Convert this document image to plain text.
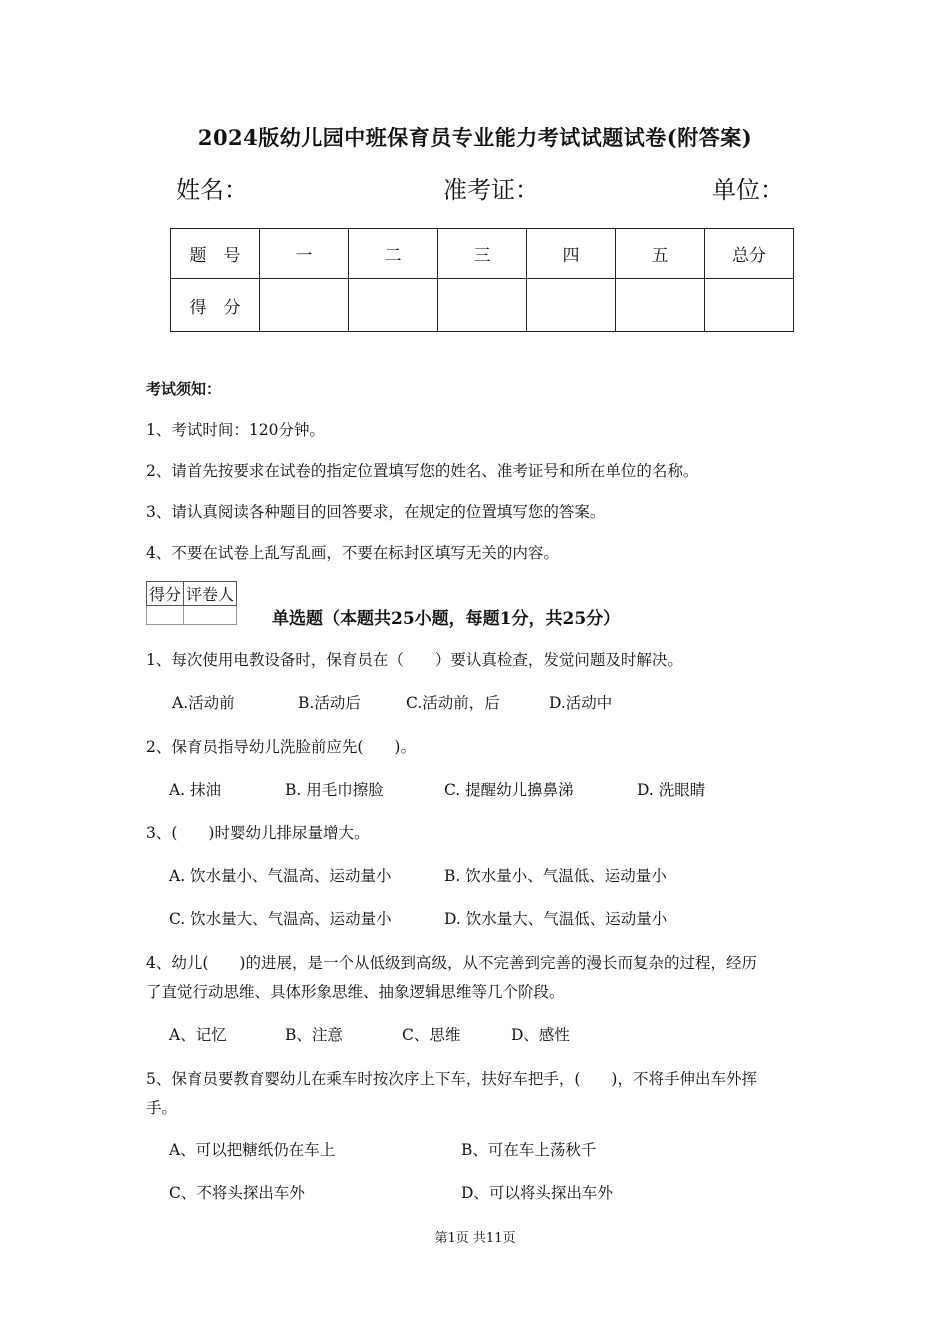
2024版幼儿园中班保育员专业能力考试试题试卷(附答案)
姓名：	准考证：	单位：
题　号	一	二	三	四	五	总分
得　分						
考试须知：
1、考试时间：120分钟。
2、请首先按要求在试卷的指定位置填写您的姓名、准考证号和所在单位的名称。
3、请认真阅读各种题目的回答要求，在规定的位置填写您的答案。
4、不要在试卷上乱写乱画，不要在标封区填写无关的内容。
得分	评卷人

单选题（本题共25小题，每题1分，共25分）
1、每次使用电教设备时，保育员在（　　）要认真检查，发觉问题及时解决。
A.活动前	B.活动后	C.活动前，后	D.活动中
2、保育员指导幼儿洗脸前应先(　　)。
A. 抹油	B. 用毛巾擦脸	C. 提醒幼儿擤鼻涕	D. 洗眼睛
3、(　　)时婴幼儿排尿量增大。
A. 饮水量小、气温高、运动量小	B. 饮水量小、气温低、运动量小
C. 饮水量大、气温高、运动量小	D. 饮水量大、气温低、运动量小
4、幼儿(　　)的进展，是一个从低级到高级，从不完善到完善的漫长而复杂的过程，经历
了直觉行动思维、具体形象思维、抽象逻辑思维等几个阶段。
A、记忆	B、注意	C、思维	D、感性
5、保育员要教育婴幼儿在乘车时按次序上下车，扶好车把手，(　　)，不将手伸出车外挥
手。
A、可以把糖纸仍在车上	B、可在车上荡秋千
C、不将头探出车外	D、可以将头探出车外
第1页 共11页
